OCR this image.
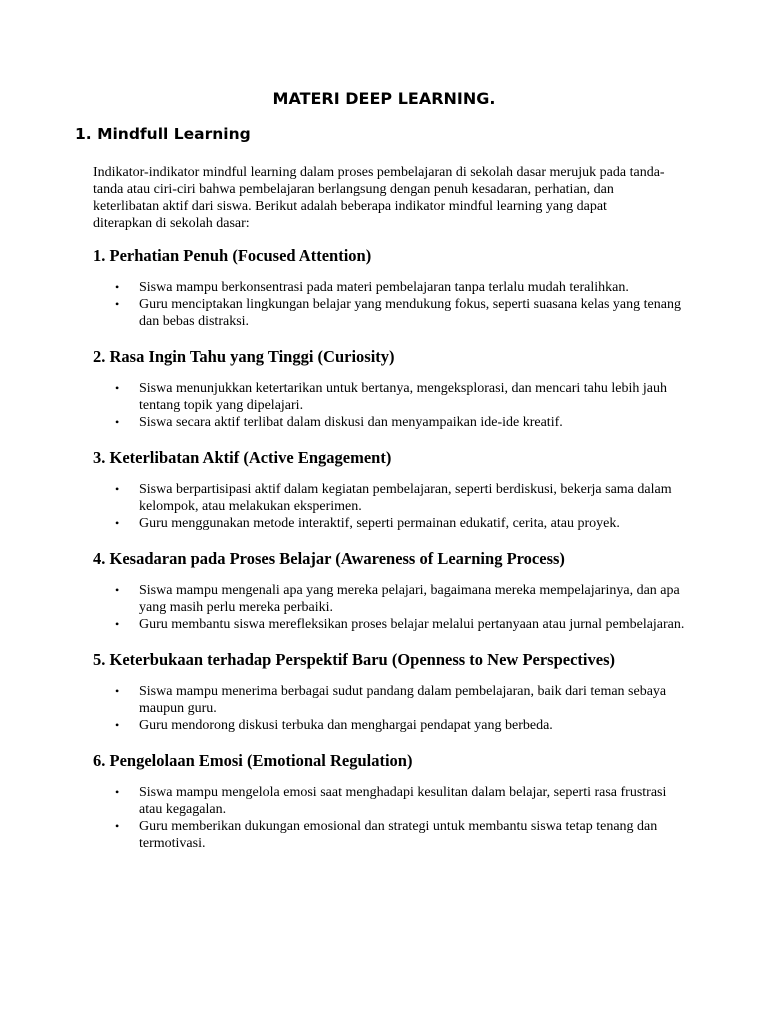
MATERI DEEP LEARNING.
1. Mindfull Learning

Indikator-indikator mindful learning dalam proses pembelajaran di sekolah dasar merujuk pada tanda-tanda atau ciri-ciri bahwa pembelajaran berlangsung dengan penuh kesadaran, perhatian, dan keterlibatan aktif dari siswa. Berikut adalah beberapa indikator mindful learning yang dapat diterapkan di sekolah dasar:

1. Perhatian Penuh (Focused Attention)
• Siswa mampu berkonsentrasi pada materi pembelajaran tanpa terlalu mudah teralihkan.
• Guru menciptakan lingkungan belajar yang mendukung fokus, seperti suasana kelas yang tenang dan bebas distraksi.
2. Rasa Ingin Tahu yang Tinggi (Curiosity)
• Siswa menunjukkan ketertarikan untuk bertanya, mengeksplorasi, dan mencari tahu lebih jauh tentang topik yang dipelajari.
• Siswa secara aktif terlibat dalam diskusi dan menyampaikan ide-ide kreatif.
3. Keterlibatan Aktif (Active Engagement)
• Siswa berpartisipasi aktif dalam kegiatan pembelajaran, seperti berdiskusi, bekerja sama dalam kelompok, atau melakukan eksperimen.
• Guru menggunakan metode interaktif, seperti permainan edukatif, cerita, atau proyek.
4. Kesadaran pada Proses Belajar (Awareness of Learning Process)
• Siswa mampu mengenali apa yang mereka pelajari, bagaimana mereka mempelajarinya, dan apa yang masih perlu mereka perbaiki.
• Guru membantu siswa merefleksikan proses belajar melalui pertanyaan atau jurnal pembelajaran.
5. Keterbukaan terhadap Perspektif Baru (Openness to New Perspectives)
• Siswa mampu menerima berbagai sudut pandang dalam pembelajaran, baik dari teman sebaya maupun guru.
• Guru mendorong diskusi terbuka dan menghargai pendapat yang berbeda.
6. Pengelolaan Emosi (Emotional Regulation)
• Siswa mampu mengelola emosi saat menghadapi kesulitan dalam belajar, seperti rasa frustrasi atau kegagalan.
• Guru memberikan dukungan emosional dan strategi untuk membantu siswa tetap tenang dan termotivasi.
